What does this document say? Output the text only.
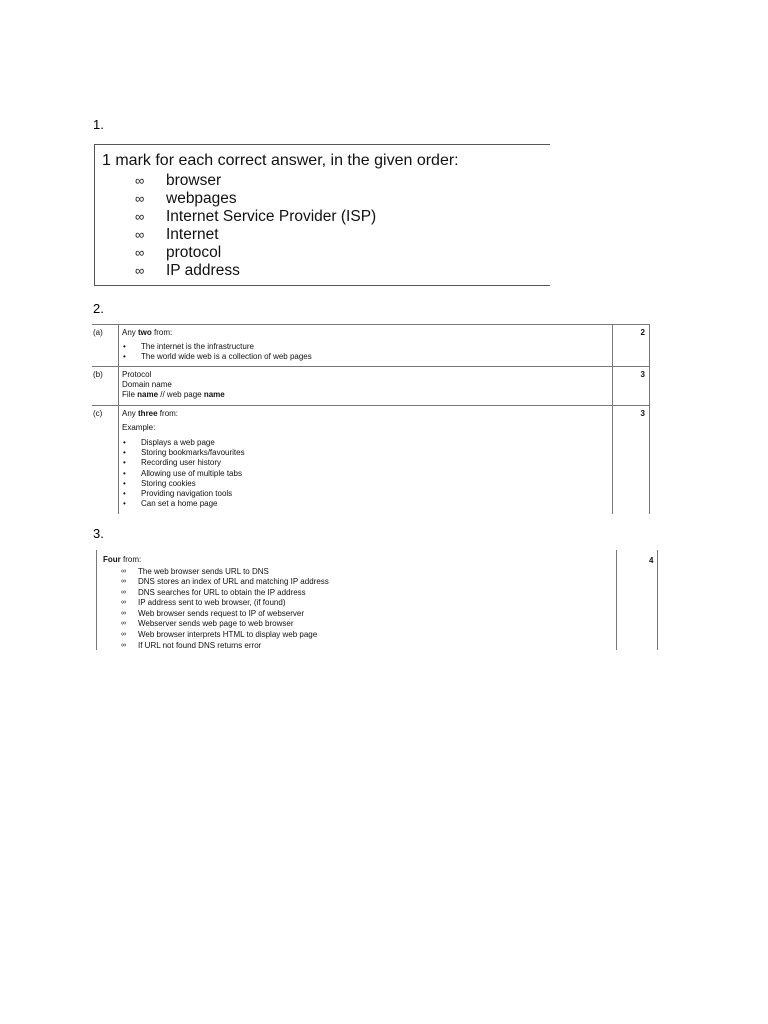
1.
1 mark for each correct answer, in the given order:
∞	browser
∞	webpages
∞	Internet Service Provider (ISP)
∞	Internet
∞	protocol
∞	IP address
2.
(a) Any two from:
•	The internet is the infrastructure
•	The world wide web is a collection of web pages
2
(b) Protocol
Domain name
File name // web page name
3
(c) Any three from:
Example:
•	Displays a web page
•	Storing bookmarks/favourites
•	Recording user history
•	Allowing use of multiple tabs
•	Storing cookies
•	Providing navigation tools
•	Can set a home page
3
3.
Four from:
∞	The web browser sends URL to DNS
∞	DNS stores an index of URL and matching IP address
∞	DNS searches for URL to obtain the IP address
∞	IP address sent to web browser, (if found)
∞	Web browser sends request to IP of webserver
∞	Webserver sends web page to web browser
∞	Web browser interprets HTML to display web page
∞	If URL not found DNS returns error
4
